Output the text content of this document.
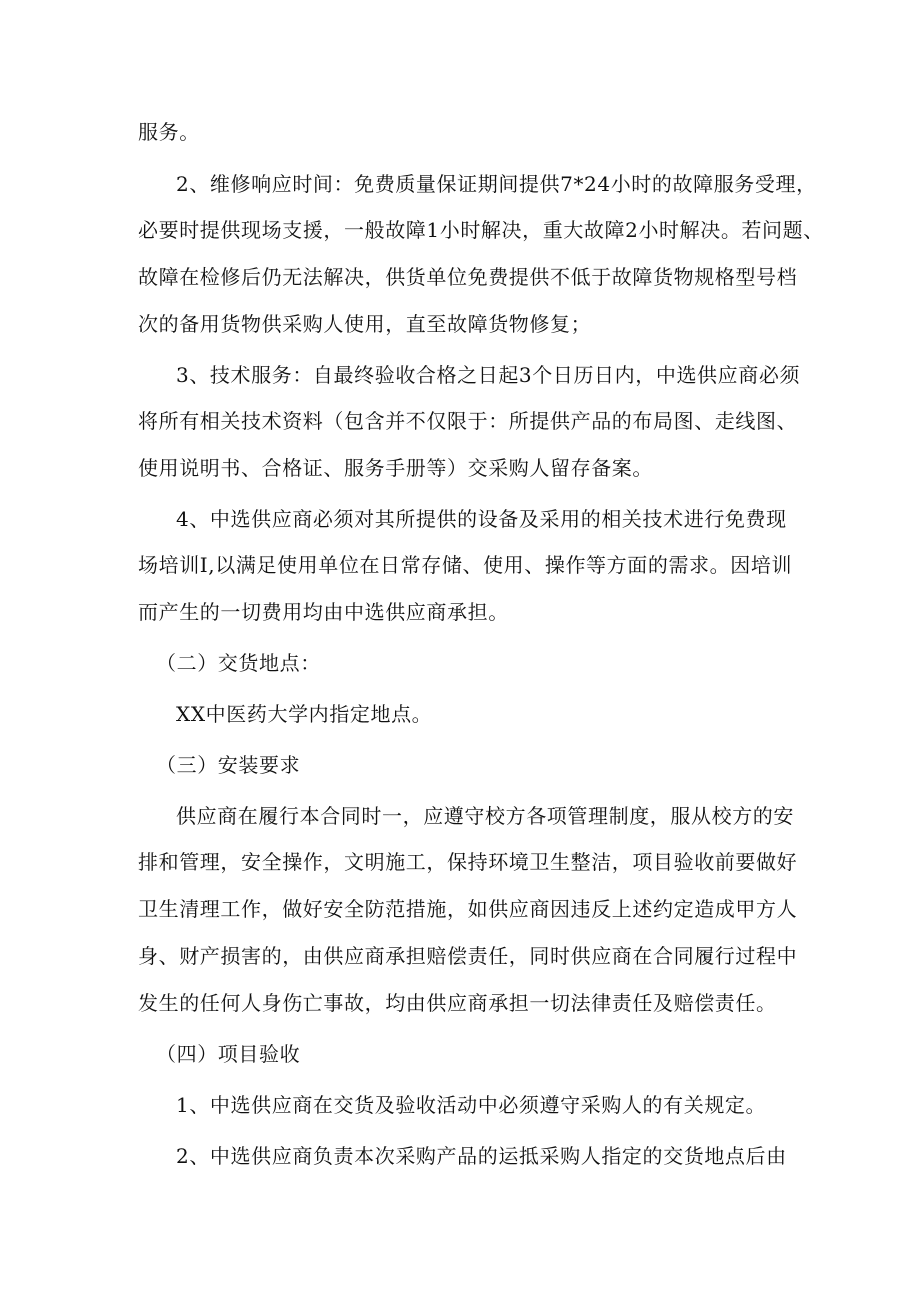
服务。
2、维修响应时间：免费质量保证期间提供7*24小时的故障服务受理，
必要时提供现场支援，一般故障1小时解决，重大故障2小时解决。若问题、
故障在检修后仍无法解决，供货单位免费提供不低于故障货物规格型号档
次的备用货物供采购人使用，直至故障货物修复；
3、技术服务：自最终验收合格之日起3个日历日内，中选供应商必须
将所有相关技术资料（包含并不仅限于：所提供产品的布局图、走线图、
使用说明书、合格证、服务手册等）交采购人留存备案。
4、中选供应商必须对其所提供的设备及采用的相关技术进行免费现
场培训I,以满足使用单位在日常存储、使用、操作等方面的需求。因培训
而产生的一切费用均由中选供应商承担。
（二）交货地点：
XX中医药大学内指定地点。
（三）安装要求
供应商在履行本合同时一，应遵守校方各项管理制度，服从校方的安
排和管理，安全操作，文明施工，保持环境卫生整洁，项目验收前要做好
卫生清理工作，做好安全防范措施，如供应商因违反上述约定造成甲方人
身、财产损害的，由供应商承担赔偿责任，同时供应商在合同履行过程中
发生的任何人身伤亡事故，均由供应商承担一切法律责任及赔偿责任。
（四）项目验收
1、中选供应商在交货及验收活动中必须遵守采购人的有关规定。
2、中选供应商负责本次采购产品的运抵采购人指定的交货地点后由
